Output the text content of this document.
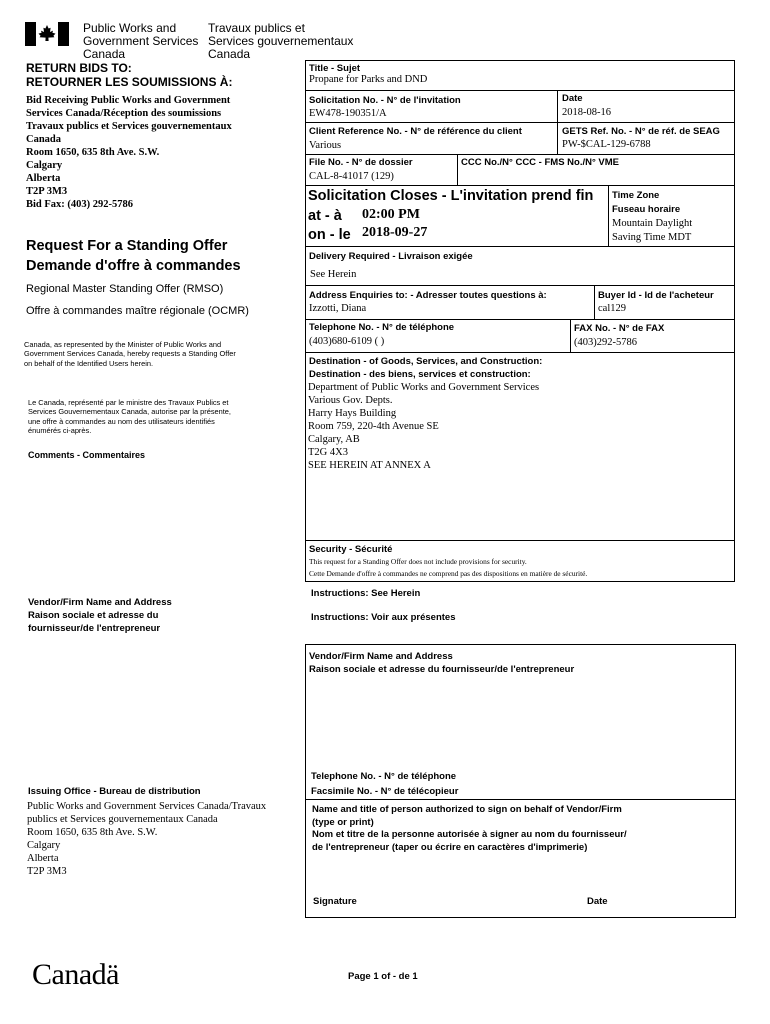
Public Works and
Government Services
Canada
Travaux publics et
Services gouvernementaux
Canada
RETURN BIDS TO:
RETOURNER LES SOUMISSIONS À:
Bid Receiving Public Works and Government
Services Canada/Réception des soumissions
Travaux publics et Services gouvernementaux
Canada
Room 1650, 635 8th Ave. S.W.
Calgary
Alberta
T2P 3M3
Bid Fax: (403) 292-5786
Request For a Standing Offer
Demande d'offre à commandes
Regional Master Standing Offer (RMSO)
Offre à commandes maître régionale (OCMR)
Canada, as represented by the Minister of Public Works and
Government Services Canada, hereby requests a Standing Offer
on behalf of the Identified Users herein.
Le Canada, représenté par le ministre des Travaux Publics et
Services Gouvernementaux Canada, autorise par la présente,
une offre à commandes au nom des utilisateurs identifiés
énumérés ci-après.
Comments - Commentaires
Vendor/Firm Name and Address
Raison sociale et adresse du
fournisseur/de l'entrepreneur
Issuing Office - Bureau de distribution
Public Works and Government Services Canada/Travaux
publics et Services gouvernementaux Canada
Room 1650, 635 8th Ave. S.W.
Calgary
Alberta
T2P 3M3
Title - Sujet
Propane for Parks and DND
Solicitation No. - N° de l'invitation
EW478-190351/A
Date
2018-08-16
Client Reference No. - N° de référence du client
Various
GETS Ref. No. - N° de réf. de SEAG
PW-$CAL-129-6788
File No. - N° de dossier
CAL-8-41017 (129)
CCC No./N° CCC - FMS No./N° VME
Solicitation Closes - L'invitation prend fin
at - à 02:00 PM
on - le 2018-09-27
Time Zone
Fuseau horaire
Mountain Daylight
Saving Time MDT
Delivery Required - Livraison exigée
See Herein
Address Enquiries to: - Adresser toutes questions à:
Izzotti, Diana
Buyer Id - Id de l'acheteur
cal129
Telephone No. - N° de téléphone
(403)680-6109 ( )
FAX No. - N° de FAX
(403)292-5786
Destination - of Goods, Services, and Construction:
Destination - des biens, services et construction:
Department of Public Works and Government Services
Various Gov. Depts.
Harry Hays Building
Room 759, 220-4th Avenue SE
Calgary, AB
T2G 4X3
SEE HEREIN AT ANNEX A
Security - Sécurité
This request for a Standing Offer does not include provisions for security.
Cette Demande d'offre à commandes ne comprend pas des dispositions en matière de sécurité.
Instructions: See Herein
Instructions: Voir aux présentes
Vendor/Firm Name and Address
Raison sociale et adresse du fournisseur/de l'entrepreneur
Telephone No. - N° de téléphone
Facsimile No. - N° de télécopieur
Name and title of person authorized to sign on behalf of Vendor/Firm
(type or print)
Nom et titre de la personne autorisée à signer au nom du fournisseur/
de l'entrepreneur (taper ou écrire en caractères d'imprimerie)
Signature	Date
Canadä	Page 1 of - de 1
